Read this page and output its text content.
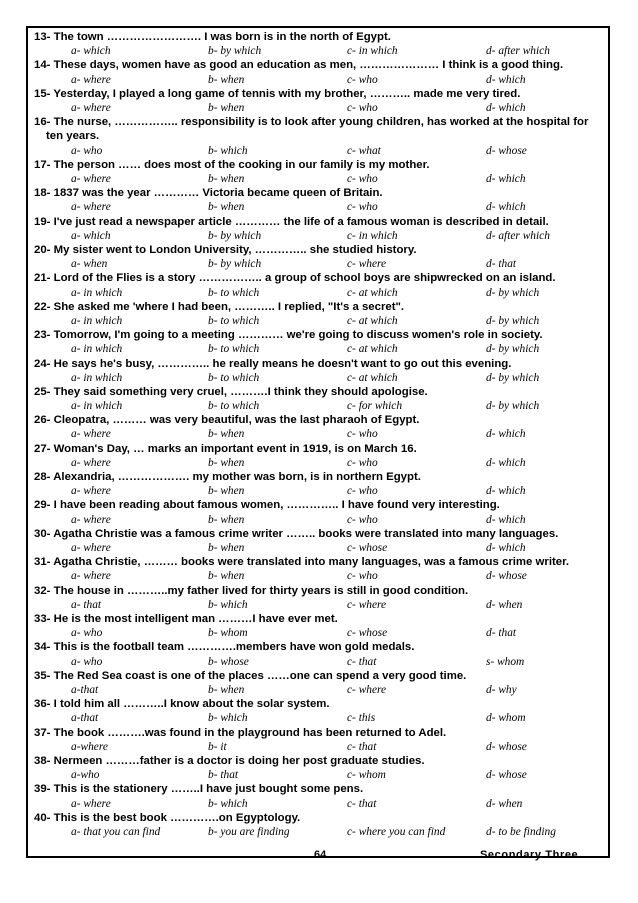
13- The town ……………………. I was born is in the north of Egypt.
a- which	b- by which	c- in which	d- after which
14- These days, women have as good an education as men, ………………… I think is a good thing.
a- where	b- when	c- who	d- which
15- Yesterday, I played a long game of tennis with my brother, ……….. made me very tired.
a- where	b- when	c- who	d- which
16- The nurse, …………….. responsibility is to look after young children, has worked at the hospital for ten years.
a- who	b- which	c- what	d- whose
17- The person …… does most of the cooking in our family is my mother.
a- where	b- when	c- who	d- which
18- 1837 was the year ………… Victoria became queen of Britain.
a- where	b- when	c- who	d- which
19- I've just read a newspaper article ………… the life of a famous woman is described in detail.
a- which	b- by which	c- in which	d- after which
20- My sister went to London University, ………….. she studied history.
a- when	b- by which	c- where	d- that
21- Lord of the Flies is a story …………….. a group of school boys are shipwrecked on an island.
a- in which	b- to which	c- at which	d- by which
22- She asked me 'where I had been, ……….. I replied, "It's a secret".
a- in which	b- to which	c- at which	d- by which
23- Tomorrow, I'm going to a meeting ………… we're going to discuss women's role in society.
a- in which	b- to which	c- at which	d- by which
24- He says he's busy, ………….. he really means he doesn't want to go out this evening.
a- in which	b- to which	c- at which	d- by which
25- They said something very cruel, ……….I think they should apologise.
a- in which	b- to which	c- for which	d- by which
26- Cleopatra, ……… was very beautiful, was the last pharaoh of Egypt.
a- where	b- when	c- who	d- which
27- Woman's Day, … marks an important event in 1919, is on March 16.
a- where	b- when	c- who	d- which
28- Alexandria, ………………. my mother was born, is in northern Egypt.
a- where	b- when	c- who	d- which
29- I have been reading about famous women, ………….. I have found very interesting.
a- where	b- when	c- who	d- which
30- Agatha Christie was a famous crime writer …….. books were translated into many languages.
a- where	b- when	c- whose	d- which
31- Agatha Christie, ……… books were translated into many languages, was a famous crime writer.
a- where	b- when	c- who	d- whose
32- The house in ………..my father lived for thirty years is still in good condition.
a- that	b- which	c- where	d- when
33- He is the most intelligent man ………I have ever met.
a- who	b- whom	c- whose	d- that
34- This is the football team ………….members have won gold medals.
a- who	b- whose	c- that	s- whom
35- The Red Sea coast is one of the places ……one can spend a very good time.
a-that	b- when	c- where	d- why
36- I told him all ………..I know about the solar system.
a-that	b- which	c- this	d- whom
37- The book ……….was found in the playground has been returned to Adel.
a-where	b- it	c- that	d- whose
38- Nermeen ………father is a doctor is doing her post graduate studies.
a-who	b- that	c- whom	d- whose
39- This is the stationery ……..I have just bought some pens.
a- where	b- which	c- that	d- when
40- This is the best book ………….on Egyptology.
a- that you can find	b- you are finding	c- where you can find	d- to be finding
64	Secondary Three
